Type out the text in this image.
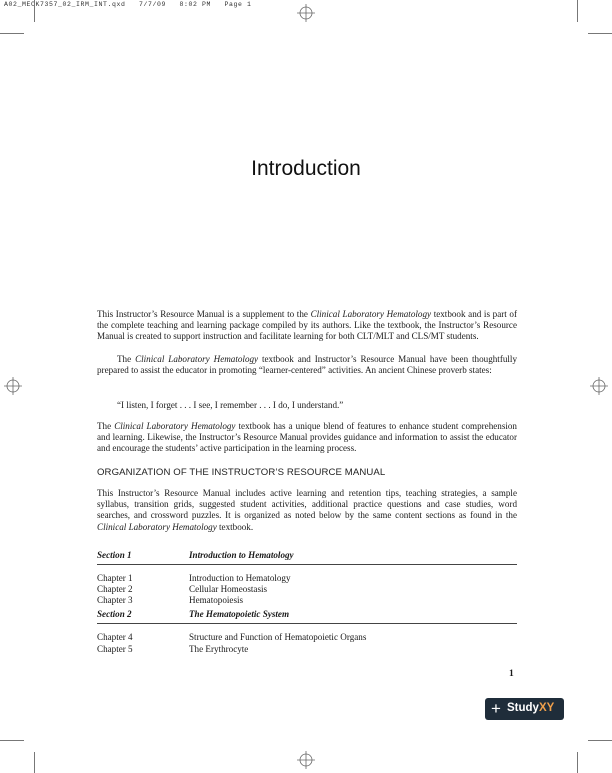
A02_MECK7357_02_IRM_INT.qxd   7/7/09   8:02 PM   Page 1
Introduction
This Instructor’s Resource Manual is a supplement to the Clinical Laboratory Hematology textbook and is part of the complete teaching and learning package compiled by its authors. Like the textbook, the Instructor’s Resource Manual is created to support instruction and facilitate learning for both CLT/MLT and CLS/MT students.
The Clinical Laboratory Hematology textbook and Instructor’s Resource Manual have been thoughtfully prepared to assist the educator in promoting “learner-centered” activities. An ancient Chinese proverb states:
“I listen, I forget . . . I see, I remember . . . I do, I understand.”
The Clinical Laboratory Hematology textbook has a unique blend of features to enhance student comprehension and learning. Likewise, the Instructor’s Resource Manual provides guidance and information to assist the educator and encourage the students’ active participation in the learning process.
ORGANIZATION OF THE INSTRUCTOR’S RESOURCE MANUAL
This Instructor’s Resource Manual includes active learning and retention tips, teaching strategies, a sample syllabus, transition grids, suggested student activities, additional practice questions and case studies, word searches, and crossword puzzles. It is organized as noted below by the same content sections as found in the Clinical Laboratory Hematology textbook.
Section 1	Introduction to Hematology
Chapter 1	Introduction to Hematology
Chapter 2	Cellular Homeostasis
Chapter 3	Hematopoiesis
Section 2	The Hematopoietic System
Chapter 4	Structure and Function of Hematopoietic Organs
Chapter 5	The Erythrocyte
1
+ StudyXY
